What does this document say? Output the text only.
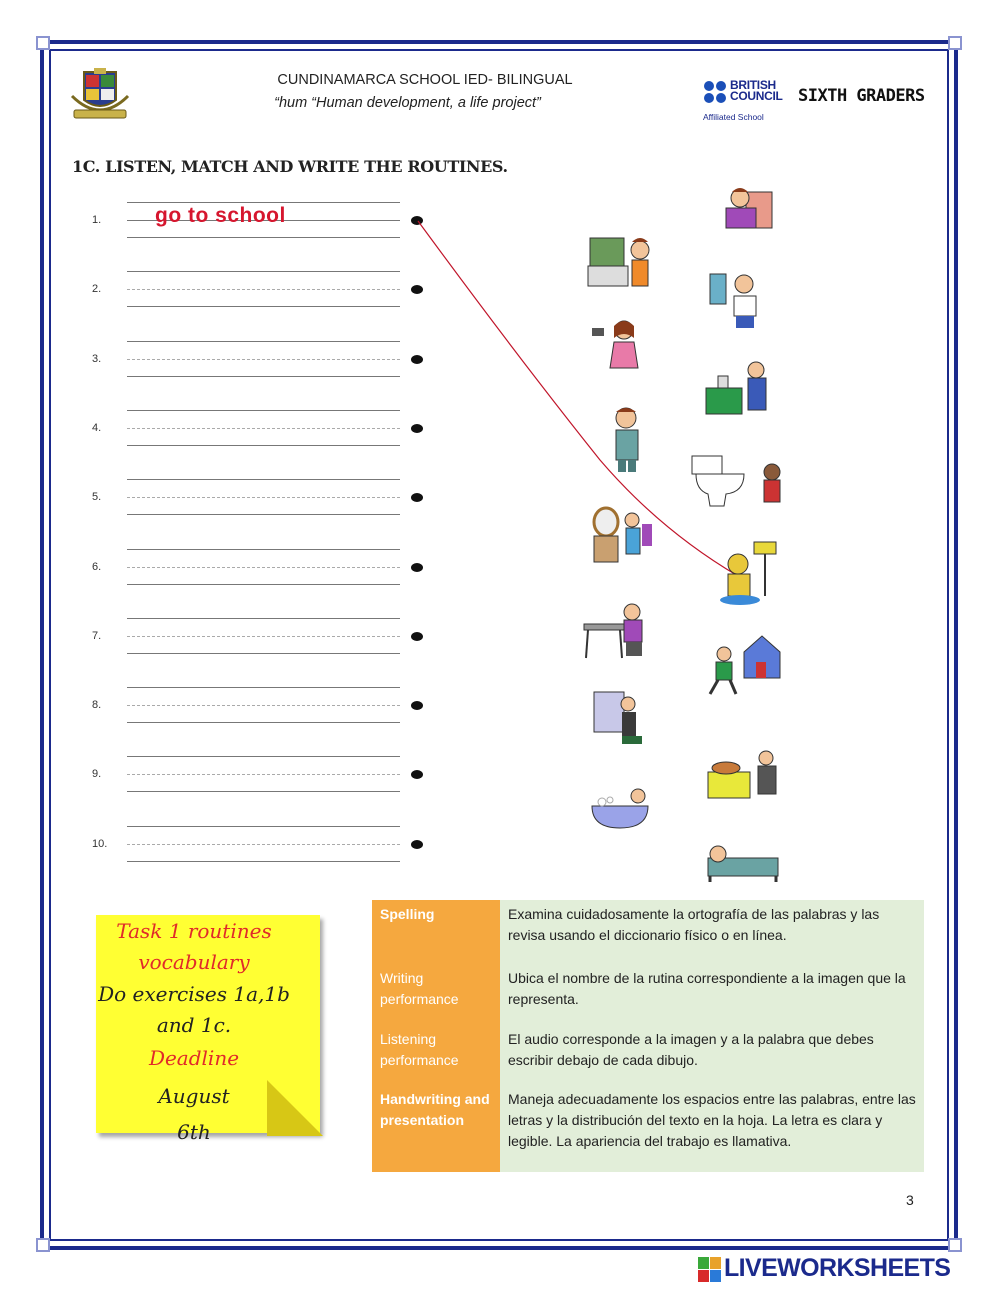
CUNDINAMARCA SCHOOL IED- BILINGUAL
“hum “Human development, a life project”
BRITISH
COUNCIL
Affiliated School
SIXTH GRADERS
1C. LISTEN, MATCH AND WRITE THE ROUTINES.
1.
2.
3.
4.
5.
6.
7.
8.
9.
10.
go to school
Task 1 routines
vocabulary
Do exercises 1a,1b
and 1c.
Deadline
August
6th
Spelling	Examina cuidadosamente la ortografía de las palabras y las revisa usando el diccionario físico o en línea.
Writing performance
Ubica el nombre de la rutina correspondiente a la imagen que la representa.
Listening performance
El audio corresponde a la imagen y a la palabra que debes escribir debajo de cada dibujo.
Handwriting and presentation
Maneja adecuadamente los espacios entre las palabras, entre las letras y la distribución del texto en la hoja. La letra es clara y legible. La apariencia del trabajo es llamativa.
3
LIVEWORKSHEETS
